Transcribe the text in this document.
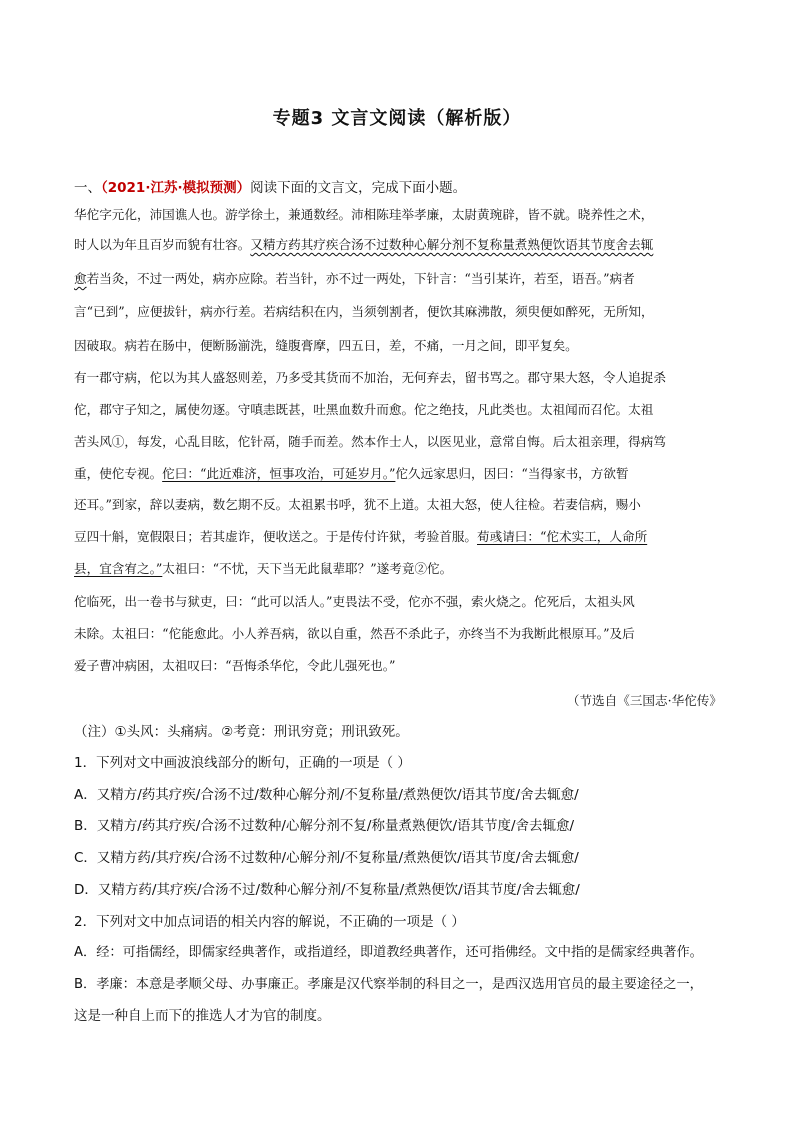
专题3 文言文阅读（解析版）
一、（2021·江苏·模拟预测）阅读下面的文言文，完成下面小题。
华佗字元化，沛国谯人也。游学徐土，兼通数经。沛相陈珪举孝廉，太尉黄琬辟，皆不就。晓养性之术，
时人以为年且百岁而貌有壮容。又精方药其疗疾合汤不过数种心解分剂不复称量煮熟便饮语其节度舍去辄
愈若当灸，不过一两处，病亦应除。若当针，亦不过一两处，下针言：“当引某许，若至，语吾。”病者
言“已到”，应便拔针，病亦行差。若病结积在内，当须刳割者，便饮其麻沸散，须臾便如醉死，无所知，
因破取。病若在肠中，便断肠湔洗，缝腹膏摩，四五日，差，不痛，一月之间，即平复矣。
有一郡守病，佗以为其人盛怒则差，乃多受其货而不加治，无何弃去，留书骂之。郡守果大怒，令人追捉杀
佗，郡守子知之，属使勿逐。守嗔恚既甚，吐黑血数升而愈。佗之绝技，凡此类也。太祖闻而召佗。太祖
苦头风①，每发，心乱目眩，佗针鬲，随手而差。然本作士人，以医见业，意常自悔。后太祖亲理，得病笃
重，使佗专视。佗曰：“此近难济，恒事攻治，可延岁月。”佗久远家思归，因曰：“当得家书，方欲暂
还耳。”到家，辞以妻病，数乞期不反。太祖累书呼，犹不上道。太祖大怒，使人往检。若妻信病，赐小
豆四十斛，宽假限日；若其虚诈，便收送之。于是传付许狱，考验首服。荀彧请曰：“佗术实工，人命所
县，宜含宥之。”太祖曰：“不忧，天下当无此鼠辈耶？”遂考竟②佗。
佗临死，出一卷书与狱吏，曰：“此可以活人。”吏畏法不受，佗亦不强，索火烧之。佗死后，太祖头风
未除。太祖曰：“佗能愈此。小人养吾病，欲以自重，然吾不杀此子，亦终当不为我断此根原耳。”及后
爱子曹冲病困，太祖叹曰：“吾悔杀华佗，令此儿强死也。”
（节选自《三国志·华佗传》
（注）①头风：头痛病。②考竟：刑讯穷竟；刑讯致死。
1．下列对文中画波浪线部分的断句，正确的一项是（ ）
A．又精方/药其疗疾/合汤不过/数种心解分剂/不复称量/煮熟便饮/语其节度/舍去辄愈/
B．又精方/药其疗疾/合汤不过数种/心解分剂不复/称量煮熟便饮/语其节度/舍去辄愈/
C．又精方药/其疗疾/合汤不过数种/心解分剂/不复称量/煮熟便饮/语其节度/舍去辄愈/
D．又精方药/其疗疾/合汤不过/数种心解分剂/不复称量/煮熟便饮/语其节度/舍去辄愈/
2．下列对文中加点词语的相关内容的解说，不正确的一项是（ ）
A．经：可指儒经，即儒家经典著作，或指道经，即道教经典著作，还可指佛经。文中指的是儒家经典著作。
B．孝廉：本意是孝顺父母、办事廉正。孝廉是汉代察举制的科目之一，是西汉选用官员的最主要途径之一，
这是一种自上而下的推选人才为官的制度。
